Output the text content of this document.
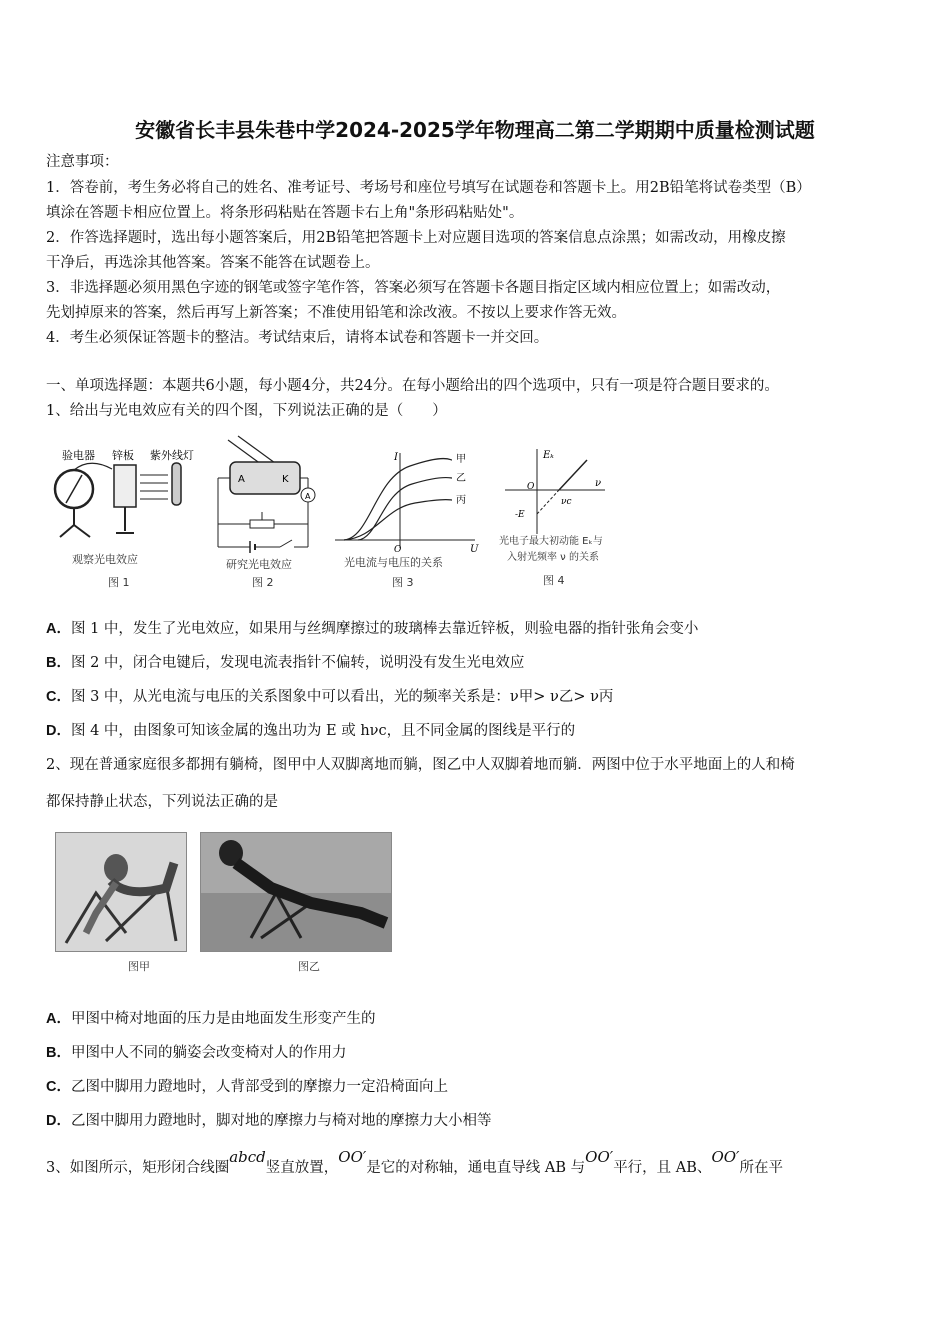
安徽省长丰县朱巷中学2024-2025学年物理高二第二学期期中质量检测试题
注意事项：
1．答卷前，考生务必将自己的姓名、准考证号、考场号和座位号填写在试题卷和答题卡上。用2B铅笔将试卷类型（B）
填涂在答题卡相应位置上。将条形码粘贴在答题卡右上角"条形码粘贴处"。
2．作答选择题时，选出每小题答案后，用2B铅笔把答题卡上对应题目选项的答案信息点涂黑；如需改动，用橡皮擦
干净后，再选涂其他答案。答案不能答在试题卷上。
3．非选择题必须用黑色字迹的钢笔或签字笔作答，答案必须写在答题卡各题目指定区域内相应位置上；如需改动，
先划掉原来的答案，然后再写上新答案；不准使用铅笔和涂改液。不按以上要求作答无效。
4．考生必须保证答题卡的整洁。考试结束后，请将本试卷和答题卡一并交回。
一、单项选择题：本题共6小题，每小题4分，共24分。在每小题给出的四个选项中，只有一项是符合题目要求的。
1、给出与光电效应有关的四个图，下列说法正确的是（　　）
验电器 锌板 紫外线灯
观察光电效应
图 1
A	K
A
研究光电效应
图 2
I	甲
乙
丙
U
O
光电流与电压的关系
图 3
Eₖ
ν
O
-E
νc
光电子最大初动能 Eₖ与
入射光频率 ν 的关系
图 4
A．图 1 中，发生了光电效应，如果用与丝绸摩擦过的玻璃棒去靠近锌板，则验电器的指针张角会变小
B．图 2 中，闭合电键后，发现电流表指针不偏转，说明没有发生光电效应
C．图 3 中，从光电流与电压的关系图象中可以看出，光的频率关系是：ν甲> ν乙> ν丙
D．图 4 中，由图象可知该金属的逸出功为 E 或 hνc，且不同金属的图线是平行的
2、现在普通家庭很多都拥有躺椅，图甲中人双脚离地而躺，图乙中人双脚着地而躺．两图中位于水平地面上的人和椅
都保持静止状态，下列说法正确的是
图甲	图乙
A．甲图中椅对地面的压力是由地面发生形变产生的
B．甲图中人不同的躺姿会改变椅对人的作用力
C．乙图中脚用力蹬地时，人背部受到的摩擦力一定沿椅面向上
D．乙图中脚用力蹬地时，脚对地的摩擦力与椅对地的摩擦力大小相等
3、如图所示，矩形闭合线圈abcd竖直放置，OO′是它的对称轴，通电直导线 AB 与OO′平行，且 AB、OO′所在平
